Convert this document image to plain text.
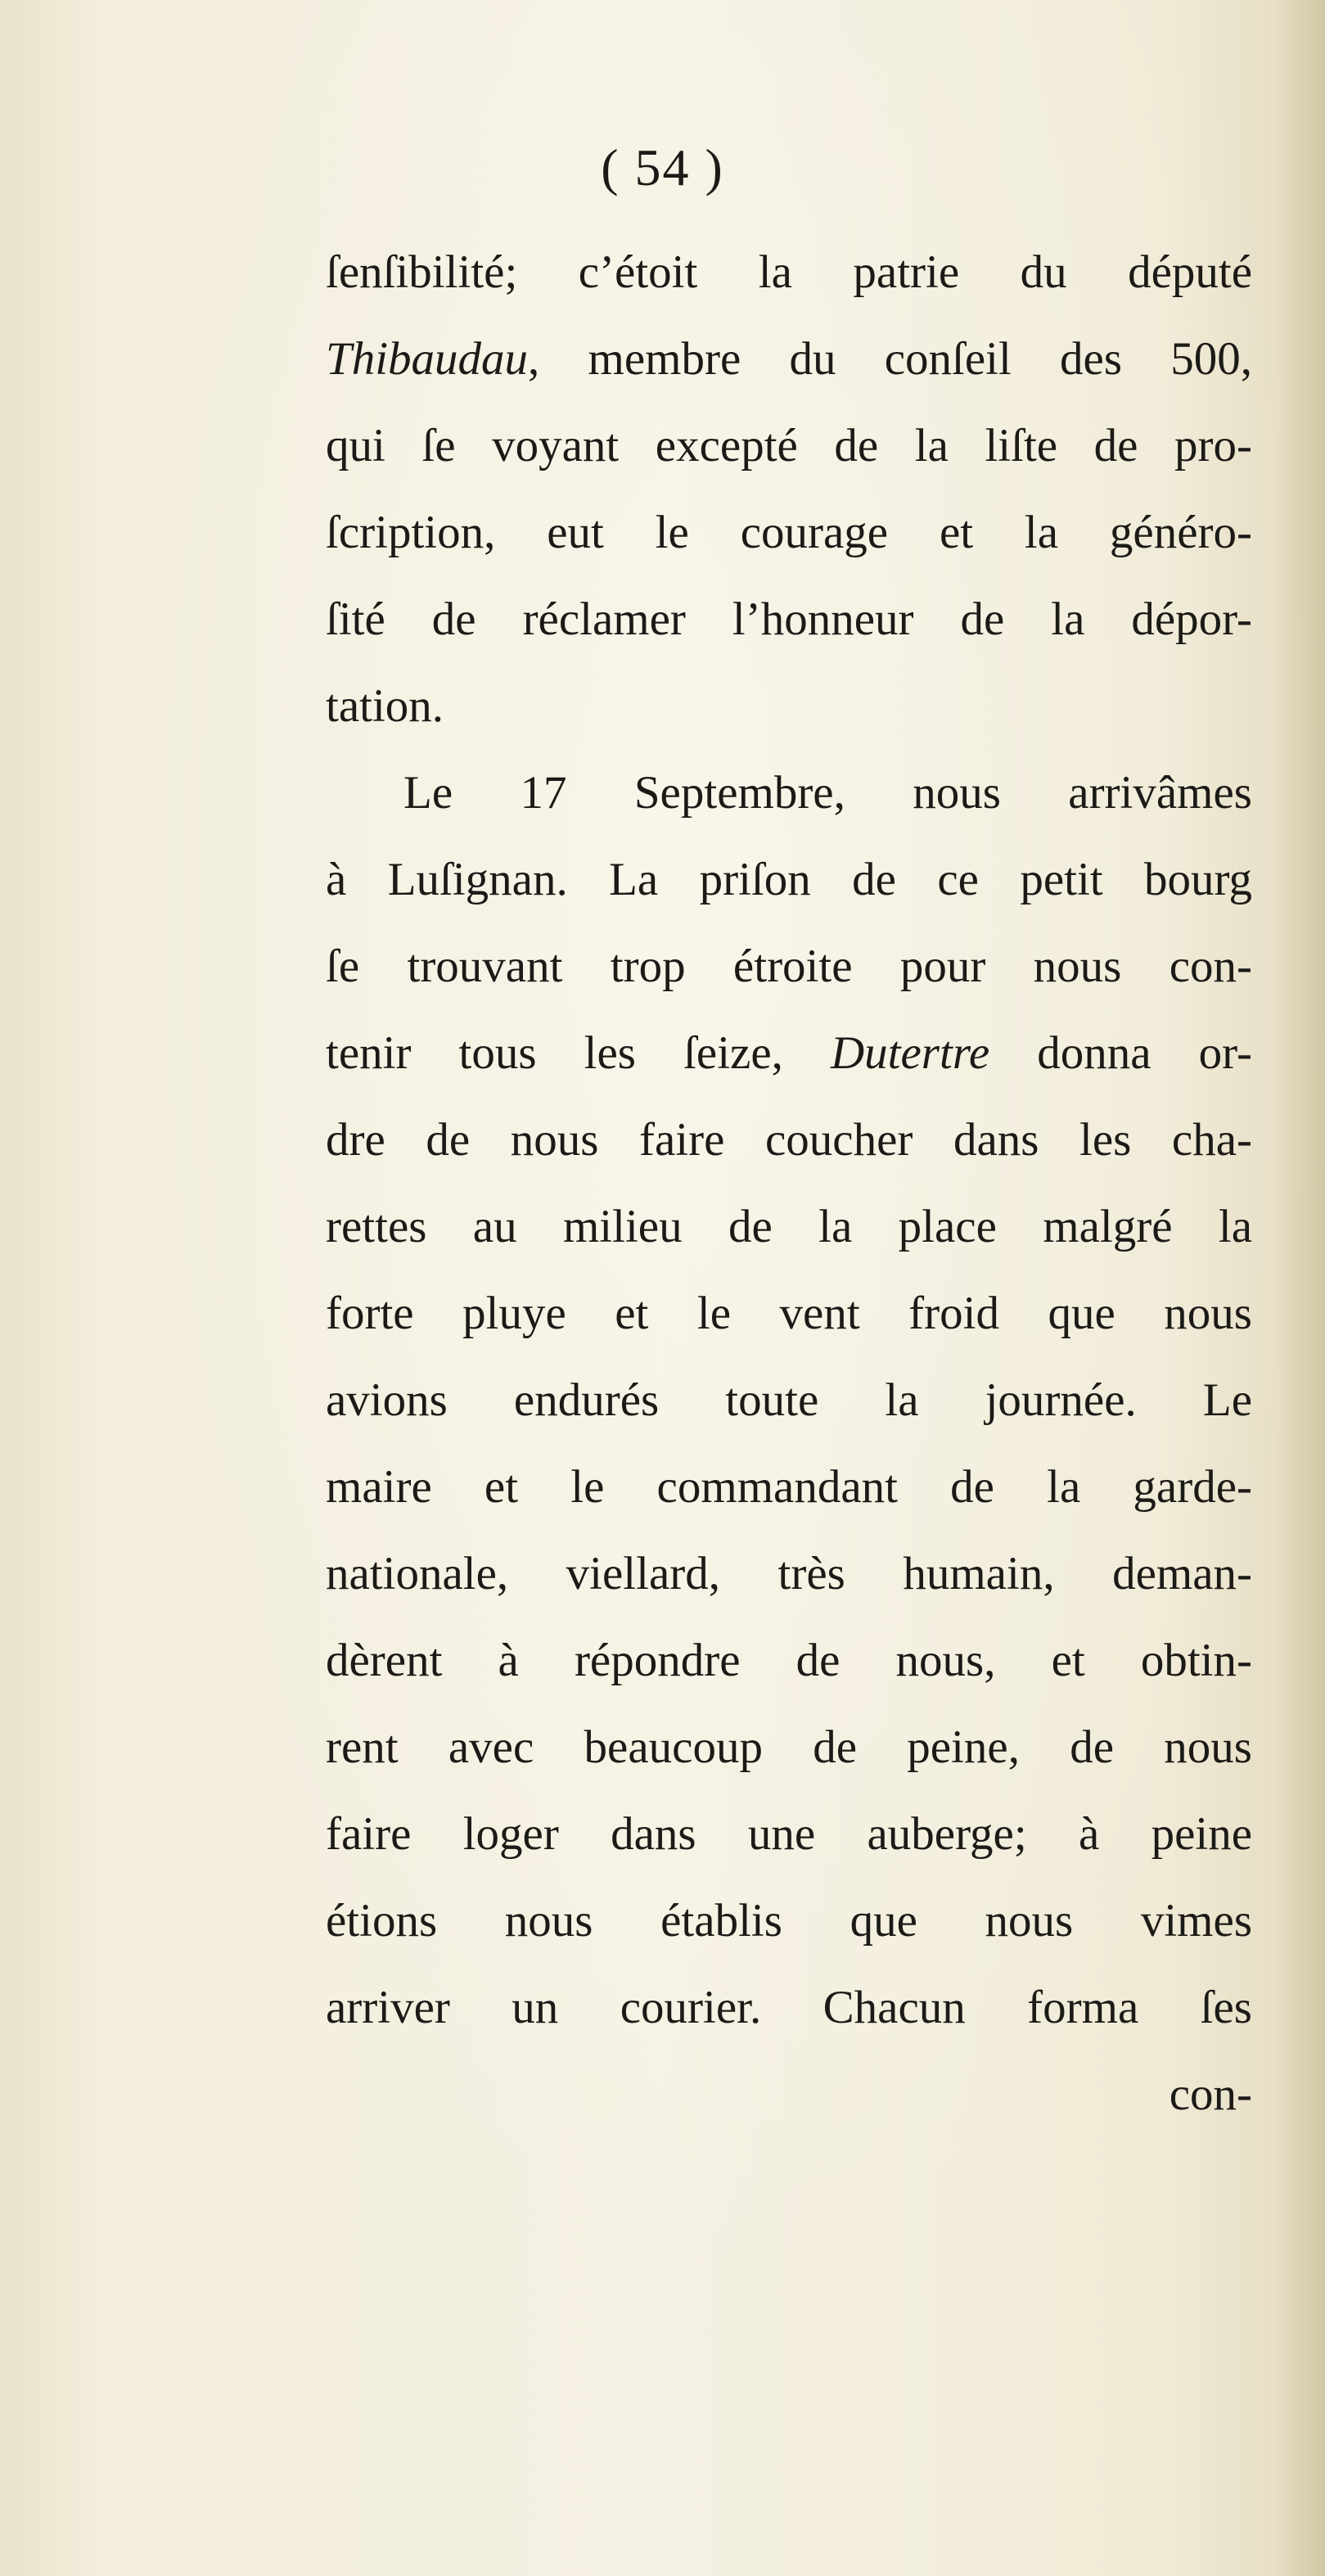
( 54 )
ſenſibilité; c’étoit la patrie du député
Thibaudau, membre du conſeil des 500,
qui ſe voyant excepté de la liſte de pro-
ſcription, eut le courage et la généro-
ſité de réclamer l’honneur de la dépor-
tation.
Le 17 Septembre, nous arrivâmes
à Luſignan. La priſon de ce petit bourg
ſe trouvant trop étroite pour nous con-
tenir tous les ſeize, Dutertre donna or-
dre de nous faire coucher dans les cha-
rettes au milieu de la place malgré la
forte pluye et le vent froid que nous
avions endurés toute la journée. Le
maire et le commandant de la garde-
nationale, viellard, très humain, deman-
dèrent à répondre de nous, et obtin-
rent avec beaucoup de peine, de nous
faire loger dans une auberge; à peine
étions nous établis que nous vimes
arriver un courier. Chacun forma ſes
con-
